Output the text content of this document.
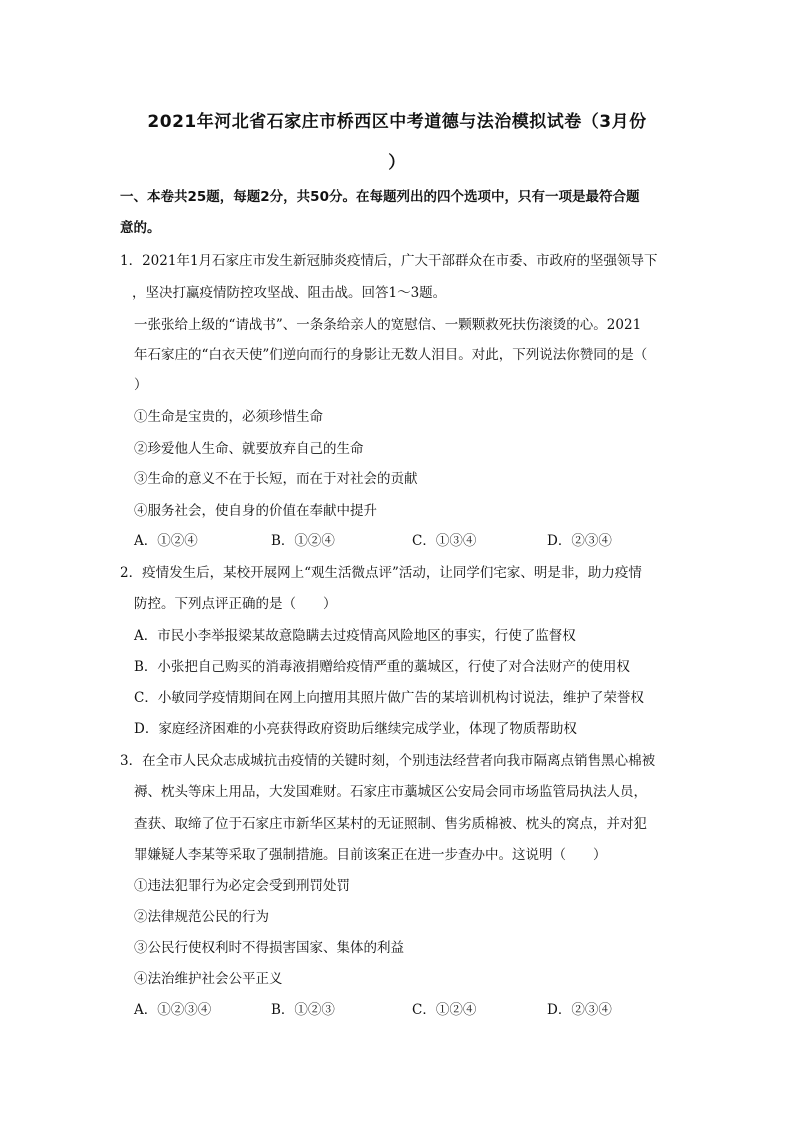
2021年河北省石家庄市桥西区中考道德与法治模拟试卷（3月份
）
一、本卷共25题，每题2分，共50分。在每题列出的四个选项中，只有一项是最符合题
意的。
1．2021年1月石家庄市发生新冠肺炎疫情后，广大干部群众在市委、市政府的坚强领导下
，坚决打赢疫情防控攻坚战、阻击战。回答1～3题。
一张张给上级的“请战书”、一条条给亲人的宽慰信、一颗颗救死扶伤滚烫的心。2021
年石家庄的“白衣天使”们逆向而行的身影让无数人泪目。对此，下列说法你赞同的是（
）
①生命是宝贵的，必须珍惜生命
②珍爱他人生命、就要放弃自己的生命
③生命的意义不在于长短，而在于对社会的贡献
④服务社会，使自身的价值在奉献中提升
A．①②④	B．①②④	C．①③④	D．②③④
2．疫情发生后，某校开展网上“观生活微点评”活动，让同学们宅家、明是非，助力疫情
防控。下列点评正确的是（　　）
A．市民小李举报梁某故意隐瞒去过疫情高风险地区的事实，行使了监督权
B．小张把自己购买的消毒液捐赠给疫情严重的藁城区，行使了对合法财产的使用权
C．小敏同学疫情期间在网上向擅用其照片做广告的某培训机构讨说法，维护了荣誉权
D．家庭经济困难的小亮获得政府资助后继续完成学业，体现了物质帮助权
3．在全市人民众志成城抗击疫情的关键时刻，个别违法经营者向我市隔离点销售黑心棉被
褥、枕头等床上用品，大发国难财。石家庄市藁城区公安局会同市场监管局执法人员，
查获、取缔了位于石家庄市新华区某村的无证照制、售劣质棉被、枕头的窝点，并对犯
罪嫌疑人李某等采取了强制措施。目前该案正在进一步查办中。这说明（　　）
①违法犯罪行为必定会受到刑罚处罚
②法律规范公民的行为
③公民行使权利时不得损害国家、集体的利益
④法治维护社会公平正义
A．①②③④	B．①②③	C．①②④	D．②③④
